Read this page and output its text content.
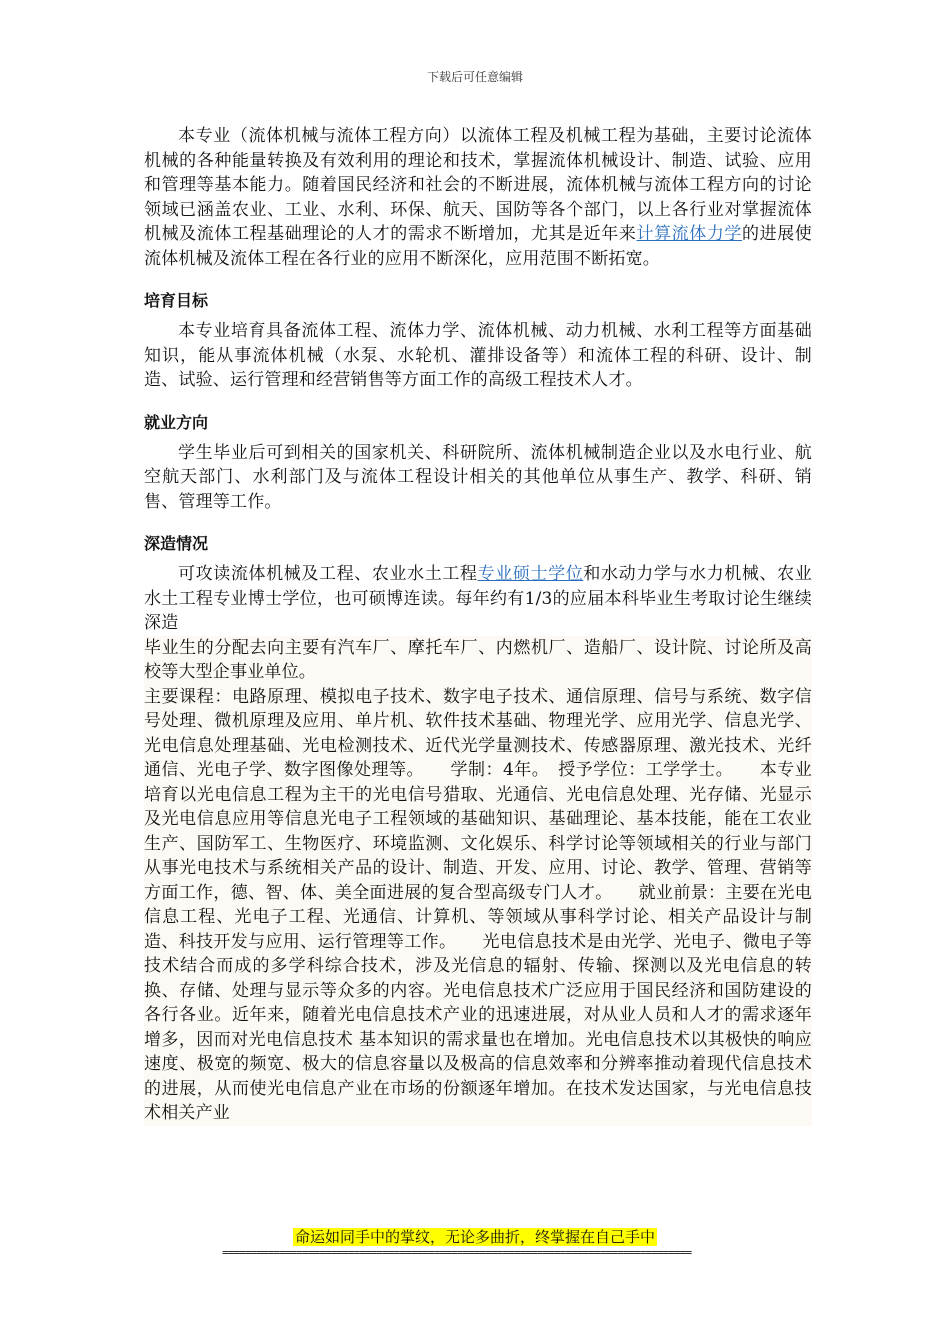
下载后可任意编辑

本专业（流体机械与流体工程方向）以流体工程及机械工程为基础，主要讨论流体机械的各种能量转换及有效利用的理论和技术，掌握流体机械设计、制造、试验、应用和管理等基本能力。随着国民经济和社会的不断进展，流体机械与流体工程方向的讨论领域已涵盖农业、工业、水利、环保、航天、国防等各个部门，以上各行业对掌握流体机械及流体工程基础理论的人才的需求不断增加，尤其是近年来计算流体力学的进展使流体机械及流体工程在各行业的应用不断深化，应用范围不断拓宽。

培育目标

本专业培育具备流体工程、流体力学、流体机械、动力机械、水利工程等方面基础知识，能从事流体机械（水泵、水轮机、灌排设备等）和流体工程的科研、设计、制造、试验、运行管理和经营销售等方面工作的高级工程技术人才。

就业方向

学生毕业后可到相关的国家机关、科研院所、流体机械制造企业以及水电行业、航空航天部门、水利部门及与流体工程设计相关的其他单位从事生产、教学、科研、销售、管理等工作。

深造情况

可攻读流体机械及工程、农业水土工程专业硕士学位和水动力学与水力机械、农业水土工程专业博士学位，也可硕博连读。每年约有1/3的应届本科毕业生考取讨论生继续深造

毕业生的分配去向主要有汽车厂、摩托车厂、内燃机厂、造船厂、设计院、讨论所及高校等大型企事业单位。
主要课程：电路原理、模拟电子技术、数字电子技术、通信原理、信号与系统、数字信号处理、微机原理及应用、单片机、软件技术基础、物理光学、应用光学、信息光学、光电信息处理基础、光电检测技术、近代光学量测技术、传感器原理、激光技术、光纤通信、光电子学、数字图像处理等。　　学制：4年。　授予学位：工学学士。　　本专业培育以光电信息工程为主干的光电信号猎取、光通信、光电信息处理、光存储、光显示及光电信息应用等信息光电子工程领域的基础知识、基础理论、基本技能，能在工农业生产、国防军工、生物医疗、环境监测、文化娱乐、科学讨论等领域相关的行业与部门从事光电技术与系统相关产品的设计、制造、开发、应用、讨论、教学、管理、营销等方面工作，德、智、体、美全面进展的复合型高级专门人才。　　就业前景：主要在光电信息工程、光电子工程、光通信、计算机、等领域从事科学讨论、相关产品设计与制造、科技开发与应用、运行管理等工作。　　光电信息技术是由光学、光电子、微电子等技术结合而成的多学科综合技术，涉及光信息的辐射、传输、探测以及光电信息的转换、存储、处理与显示等众多的内容。光电信息技术广泛应用于国民经济和国防建设的各行各业。近年来，随着光电信息技术产业的迅速进展，对从业人员和人才的需求逐年增多，因而对光电信息技术 基本知识的需求量也在增加。光电信息技术以其极快的响应速度、极宽的频宽、极大的信息容量以及极高的信息效率和分辨率推动着现代信息技术的进展，从而使光电信息产业在市场的份额逐年增加。在技术发达国家，与光电信息技术相关产业

命运如同手中的掌纹，无论多曲折，终掌握在自己手中
==================================================================================
